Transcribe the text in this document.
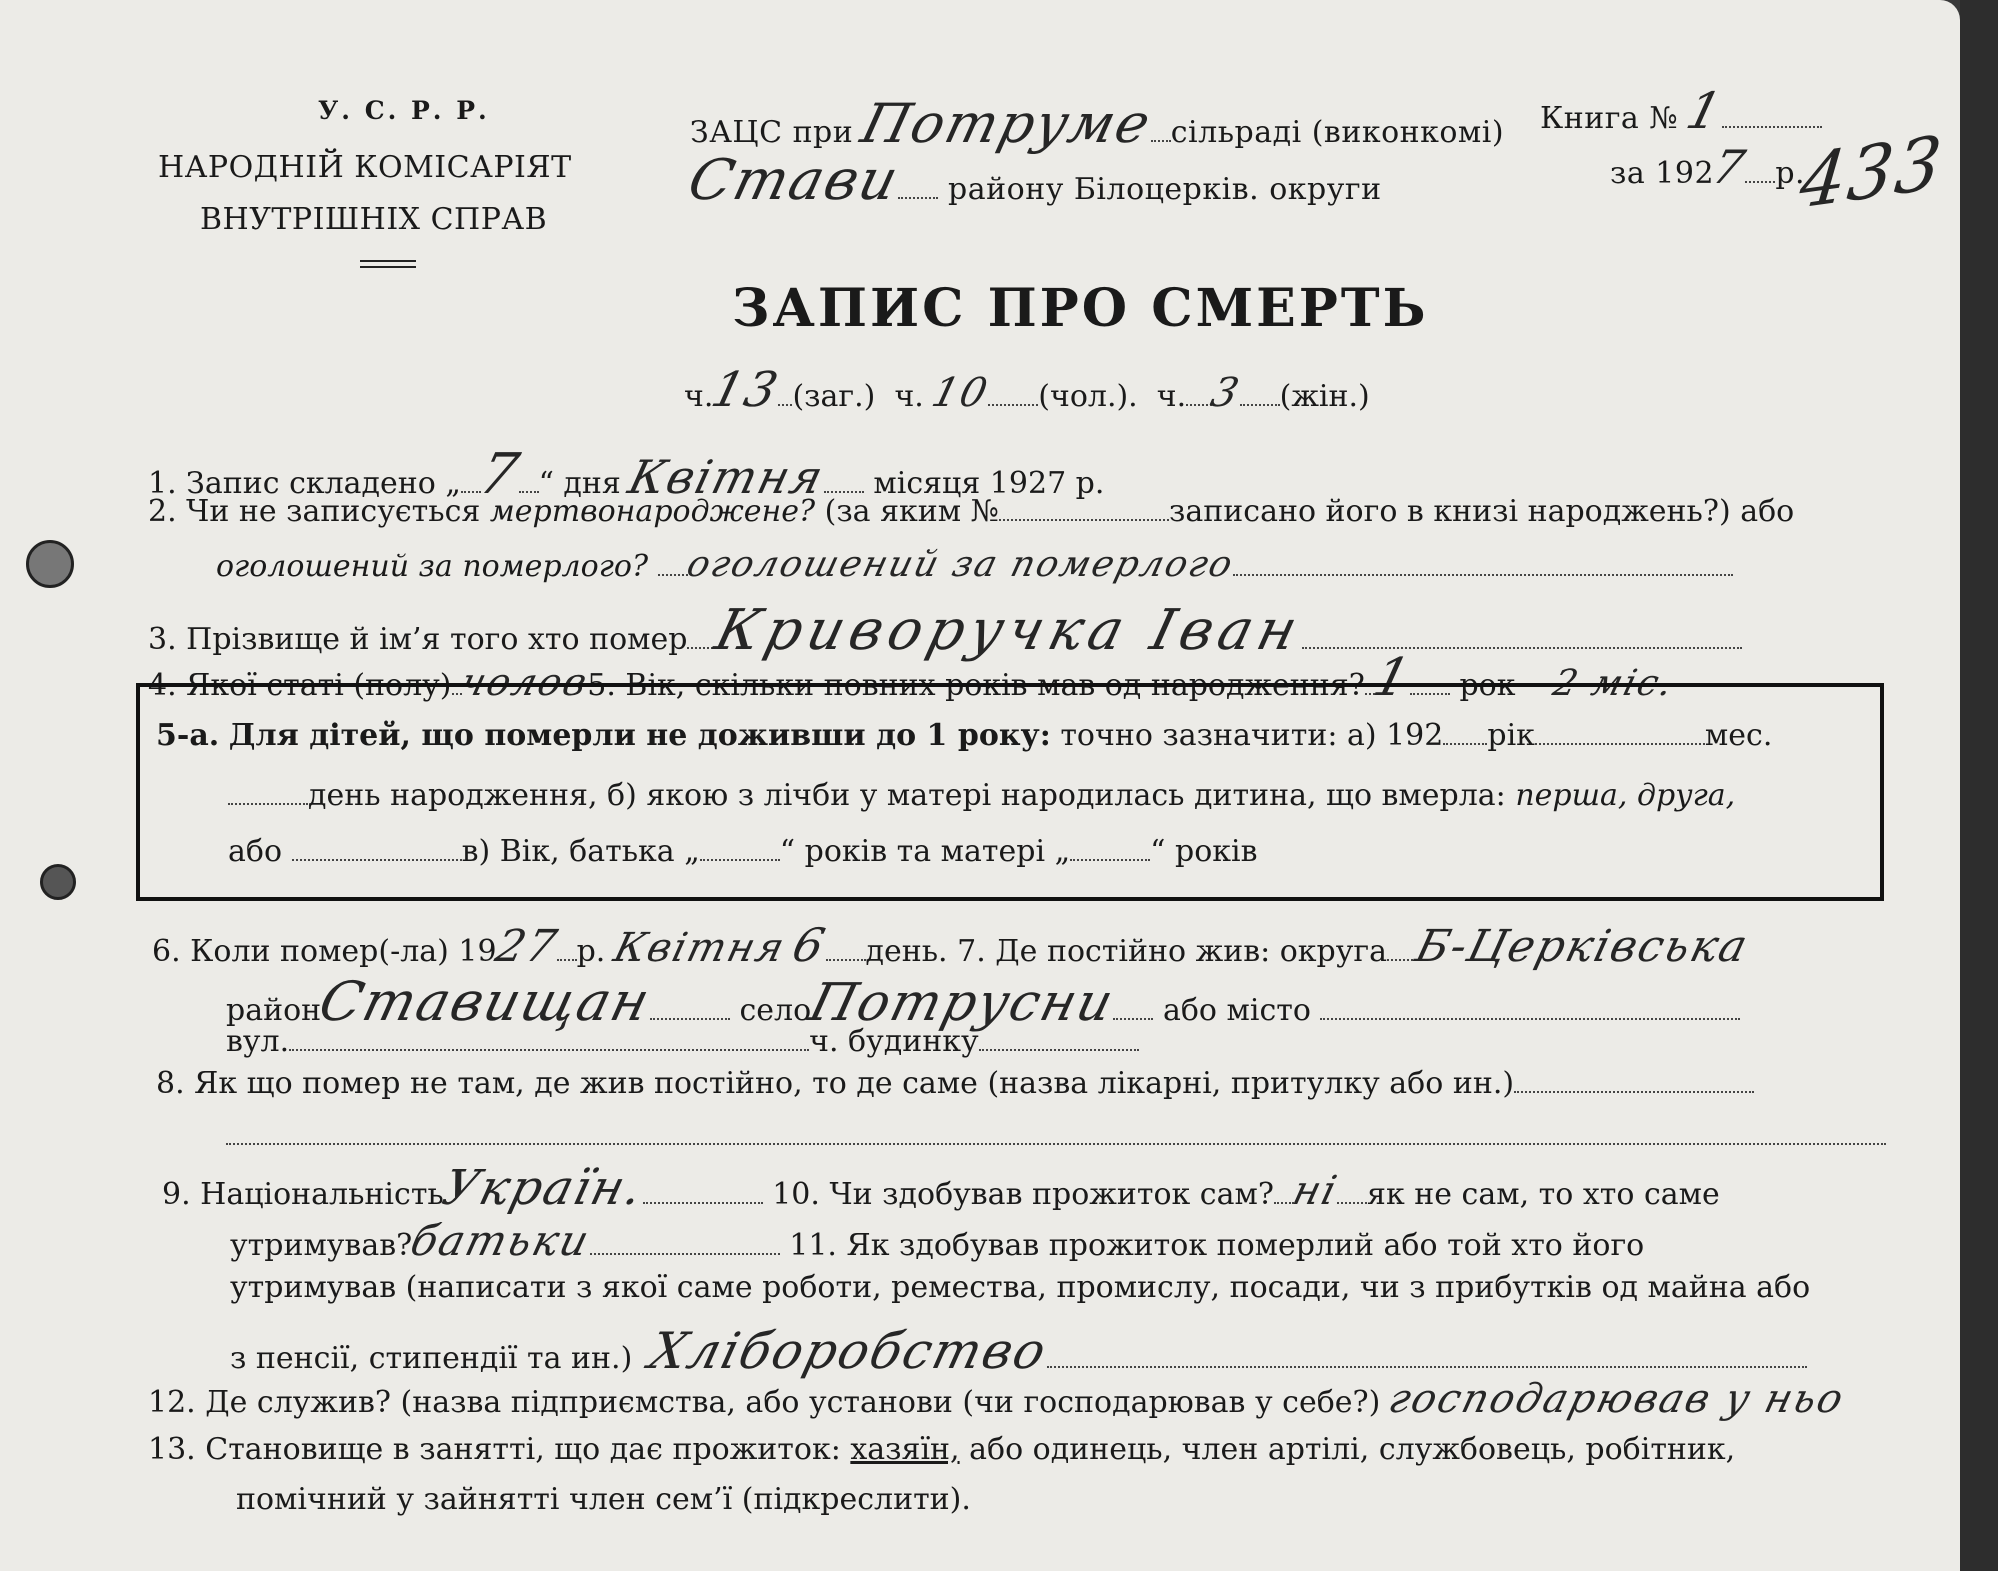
У. С. Р. Р.
НАРОДНІЙ КОМІСАРІЯТ
ВНУТРІШНІХ СПРАВ
ЗАЦС при Потруме сільраді (виконкомі)
Стави району Білоцерків. округи
Книга № 1
за 1927 р.
433
ЗАПИС ПРО СМЕРТЬ
ч.13 (заг.) ч. 10 (чол.). ч. 3 (жін.)
1. Запис складено „ 7 “ дня Квітня місяця 1927 р.
2. Чи не записується мертвонароджене? (за яким №	записано його в книзі народжень?) або
оголошений за померлого? оголошений за померлого
3. Прізвище й ім’я того хто помер Криворучка Іван
4. Якої статі (полу) чолов5. Вік, скільки повних років мав од народження?1 рок 2 міс.
5-а. Для дітей, що померли не доживши до 1 року: точно зазначити: а) 192 рік	мес.
день народження, б) якою з лічби у матері народилась дитина, що вмерла: перша, друга,
або	в) Вік, батька „	“ років та матері „	“ років
6. Коли помер(-ла) 1927 р. Квітня 6 день. 7. Де постійно жив: округа Б-Церківська
районСтавищан	селоПотрусни або місто
вул.	ч. будинку
8. Як що помер не там, де жив постійно, то де саме (назва лікарні, притулку або ин.)
9. НаціональністьУкраїн.	10. Чи здобував прожиток сам? ні як не сам, то хто саме
утримував?батьки	11. Як здобував прожиток померлий або той хто його
утримував (написати з якої саме роботи, ремества, промислу, посади, чи з прибутків од майна або
з пенсії, стипендії та ин.) Хліборобство
12. Де служив? (назва підприємства, або установи (чи господарював у себе?) господарював у ньо
13. Становище в занятті, що дає прожиток: хазяїн, або одинець, член артілі, службовець, робітник,
помічний у зайнятті член сем’ї (підкреслити).
